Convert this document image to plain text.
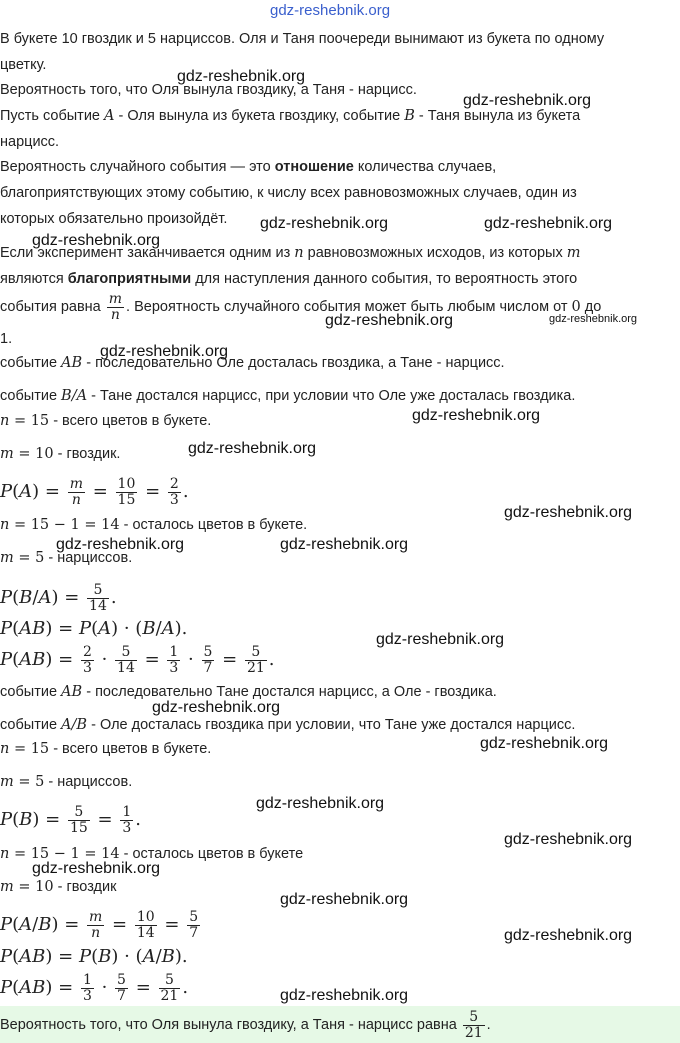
gdz-reshebnik.org
В букете 10 гвоздик и 5 нарциссов. Оля и Таня поочереди вынимают из букета по одному
цветку.
Вероятность того, что Оля вынула гвоздику, а Таня - нарцисс.
Пусть событие A - Оля вынула из букета гвоздику, событие B - Таня вынула из букета
нарцисс.
Вероятность случайного события — это отношение количества случаев,
благоприятствующих этому событию, к числу всех равновозможных случаев, один из
которых обязательно произойдёт.
Если эксперимент заканчивается одним из n равновозможных исходов, из которых m
являются благоприятными для наступления данного события, то вероятность этого
события равна $\frac{m}{n}$ . Вероятность случайного события может быть любым числом от 0 до
1.
событие AB - последовательно Оле досталась гвоздика, а Тане - нарцисс.
событие B/A - Тане достался нарцисс, при условии что Оле уже досталась гвоздика.
n = 15 - всего цветов в букете.
m = 10 - гвоздик.
$P(A) = \frac{m}{n} = \frac{10}{15} = \frac{2}{3}$ .
n = 15 − 1 = 14 - осталось цветов в букете.
m = 5 - нарциссов.
$P(B/A) = \frac{5}{14}$ .
P(AB) = P(A) · (B/A).
$P(AB) = \frac{2}{3} \cdot \frac{5}{14} = \frac{1}{3} \cdot \frac{5}{7} = \frac{5}{21}$ .
событие AB - последовательно Тане достался нарцисс, а Оле - гвоздика.
событие A/B - Оле досталась гвоздика при условии, что Тане уже достался нарцисс.
n = 15 - всего цветов в букете.
m = 5 - нарциссов.
$P(B) = \frac{5}{15} = \frac{1}{3}$ .
n = 15 − 1 = 14 - осталось цветов в букете
m = 10 - гвоздик
$P(A/B) = \frac{m}{n} = \frac{10}{14} = \frac{5}{7}$
P(AB) = P(B) · (A/B).
$P(AB) = \frac{1}{3} \cdot \frac{5}{7} = \frac{5}{21}$ .
Вероятность того, что Оля вынула гвоздику, а Таня - нарцисс равна $\frac{5}{21}$ .
gdz-reshebnik.org
gdz-reshebnik.org
gdz-reshebnik.org	gdz-reshebnik.org
gdz-reshebnik.org
gdz-reshebnik.org	gdz-reshebnik.org
gdz-reshebnik.org
gdz-reshebnik.org
gdz-reshebnik.org
gdz-reshebnik.org
gdz-reshebnik.org	gdz-reshebnik.org
gdz-reshebnik.org
gdz-reshebnik.org
gdz-reshebnik.org
gdz-reshebnik.org
gdz-reshebnik.org
gdz-reshebnik.org
gdz-reshebnik.org
gdz-reshebnik.org
gdz-reshebnik.org
